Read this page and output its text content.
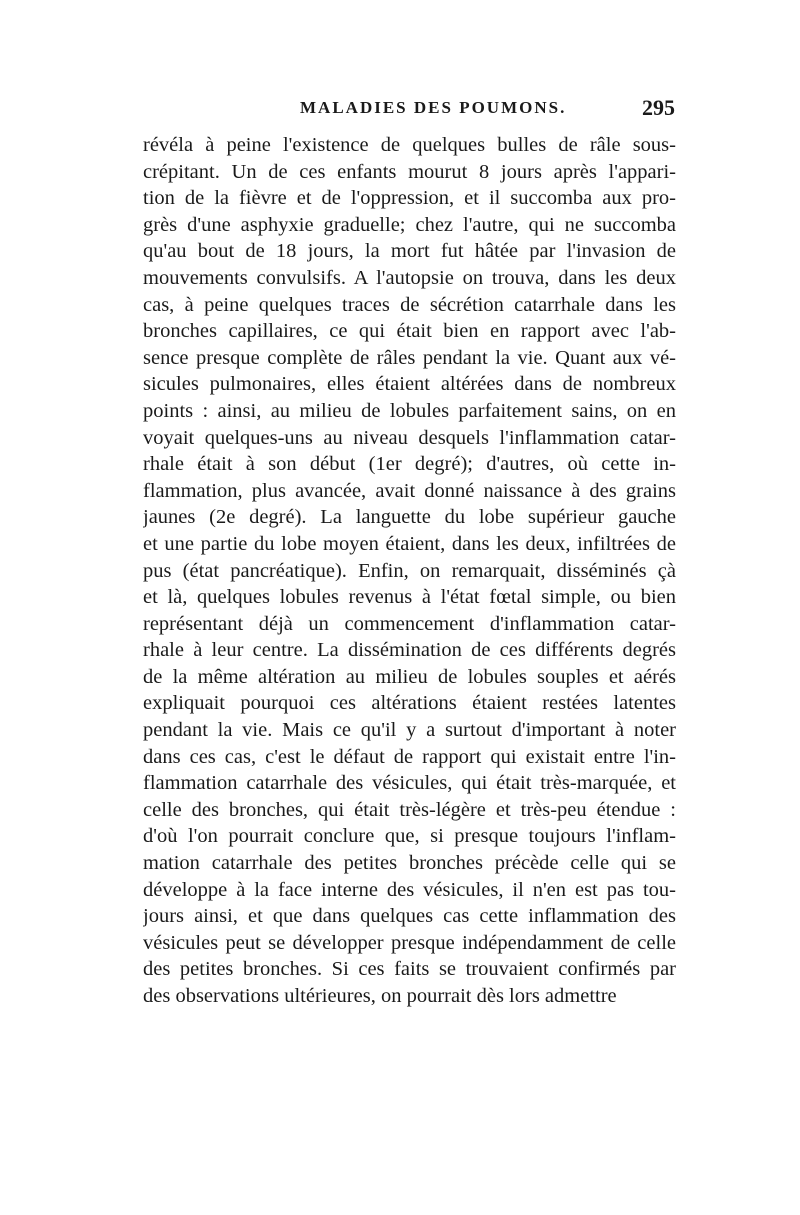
MALADIES DES POUMONS.	295
révéla à peine l'existence de quelques bulles de râle sous-
crépitant. Un de ces enfants mourut 8 jours après l'appari-
tion de la fièvre et de l'oppression, et il succomba aux pro-
grès d'une asphyxie graduelle; chez l'autre, qui ne succomba
qu'au bout de 18 jours, la mort fut hâtée par l'invasion de
mouvements convulsifs. A l'autopsie on trouva, dans les deux
cas, à peine quelques traces de sécrétion catarrhale dans les
bronches capillaires, ce qui était bien en rapport avec l'ab-
sence presque complète de râles pendant la vie. Quant aux vé-
sicules pulmonaires, elles étaient altérées dans de nombreux
points : ainsi, au milieu de lobules parfaitement sains, on en
voyait quelques-uns au niveau desquels l'inflammation catar-
rhale était à son début (1er degré); d'autres, où cette in-
flammation, plus avancée, avait donné naissance à des grains
jaunes (2e degré). La languette du lobe supérieur gauche
et une partie du lobe moyen étaient, dans les deux, infiltrées de
pus (état pancréatique). Enfin, on remarquait, disséminés çà
et là, quelques lobules revenus à l'état fœtal simple, ou bien
représentant déjà un commencement d'inflammation catar-
rhale à leur centre. La dissémination de ces différents degrés
de la même altération au milieu de lobules souples et aérés
expliquait pourquoi ces altérations étaient restées latentes
pendant la vie. Mais ce qu'il y a surtout d'important à noter
dans ces cas, c'est le défaut de rapport qui existait entre l'in-
flammation catarrhale des vésicules, qui était très-marquée, et
celle des bronches, qui était très-légère et très-peu étendue :
d'où l'on pourrait conclure que, si presque toujours l'inflam-
mation catarrhale des petites bronches précède celle qui se
développe à la face interne des vésicules, il n'en est pas tou-
jours ainsi, et que dans quelques cas cette inflammation des
vésicules peut se développer presque indépendamment de celle
des petites bronches. Si ces faits se trouvaient confirmés par
des observations ultérieures, on pourrait dès lors admettre
